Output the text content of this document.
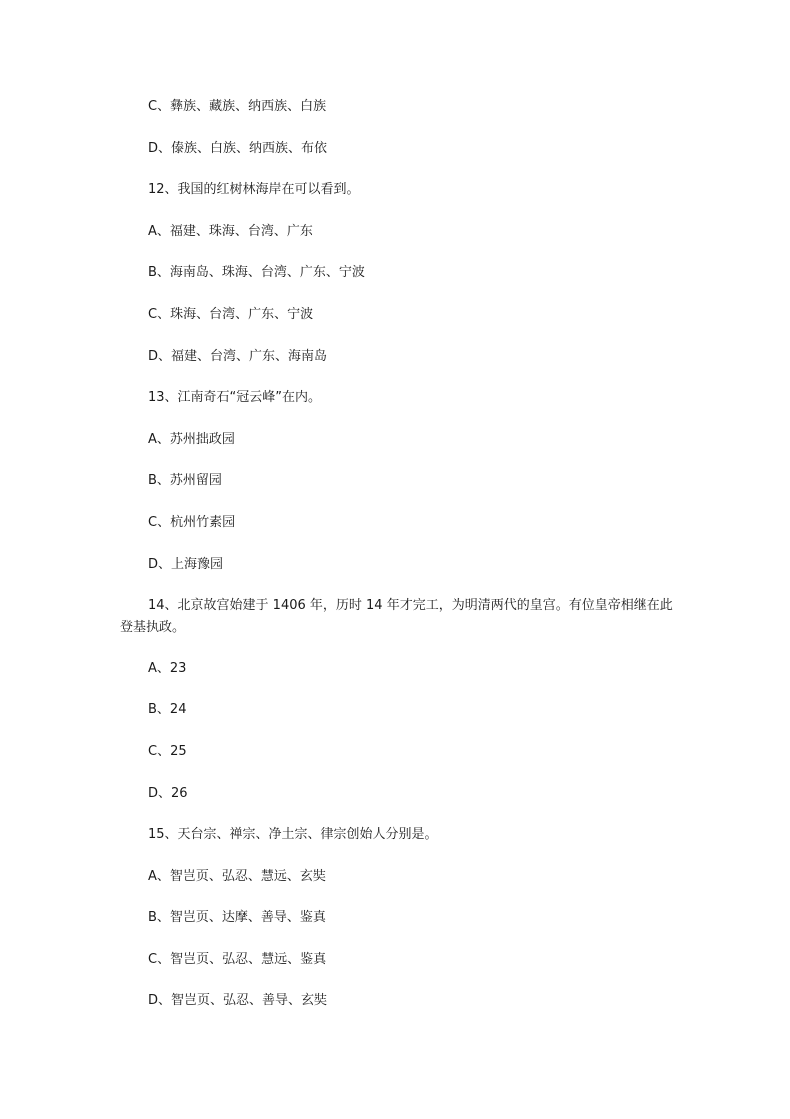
C、彝族、藏族、纳西族、白族
D、傣族、白族、纳西族、布依
12、我国的红树林海岸在可以看到。
A、福建、珠海、台湾、广东
B、海南岛、珠海、台湾、广东、宁波
C、珠海、台湾、广东、宁波
D、福建、台湾、广东、海南岛
13、江南奇石“冠云峰”在内。
A、苏州拙政园
B、苏州留园
C、杭州竹素园
D、上海豫园
14、北京故宫始建于 1406 年，历时 14 年才完工，为明清两代的皇宫。有位皇帝相继在此登基执政。
A、23
B、24
C、25
D、26
15、天台宗、禅宗、净土宗、律宗创始人分别是。
A、智岂页、弘忍、慧远、玄奘
B、智岂页、达摩、善导、鉴真
C、智岂页、弘忍、慧远、鉴真
D、智岂页、弘忍、善导、玄奘
